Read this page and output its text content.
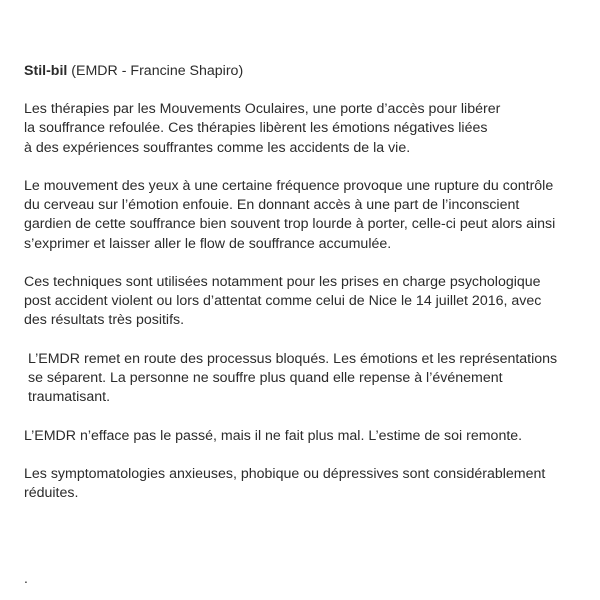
Stil-bil (EMDR - Francine Shapiro)

Les thérapies par les Mouvements Oculaires, une porte d’accès pour libérer
la souffrance refoulée. Ces thérapies libèrent les émotions négatives liées
à des expériences souffrantes comme les accidents de la vie.

Le mouvement des yeux à une certaine fréquence provoque une rupture du contrôle
du cerveau sur l’émotion enfouie. En donnant accès à une part de l’inconscient
gardien de cette souffrance bien souvent trop lourde à porter, celle-ci peut alors ainsi
s’exprimer et laisser aller le flow de souffrance accumulée.

Ces techniques sont utilisées notamment pour les prises en charge psychologique
post accident violent ou lors d’attentat comme celui de Nice le 14 juillet 2016, avec
des résultats très positifs.

L’EMDR remet en route des processus bloqués. Les émotions et les représentations
se séparent. La personne ne souffre plus quand elle repense à l’événement
traumatisant.

L’EMDR n’efface pas le passé, mais il ne fait plus mal. L’estime de soi remonte.

Les symptomatologies anxieuses, phobique ou dépressives sont considérablement
réduites.

.
